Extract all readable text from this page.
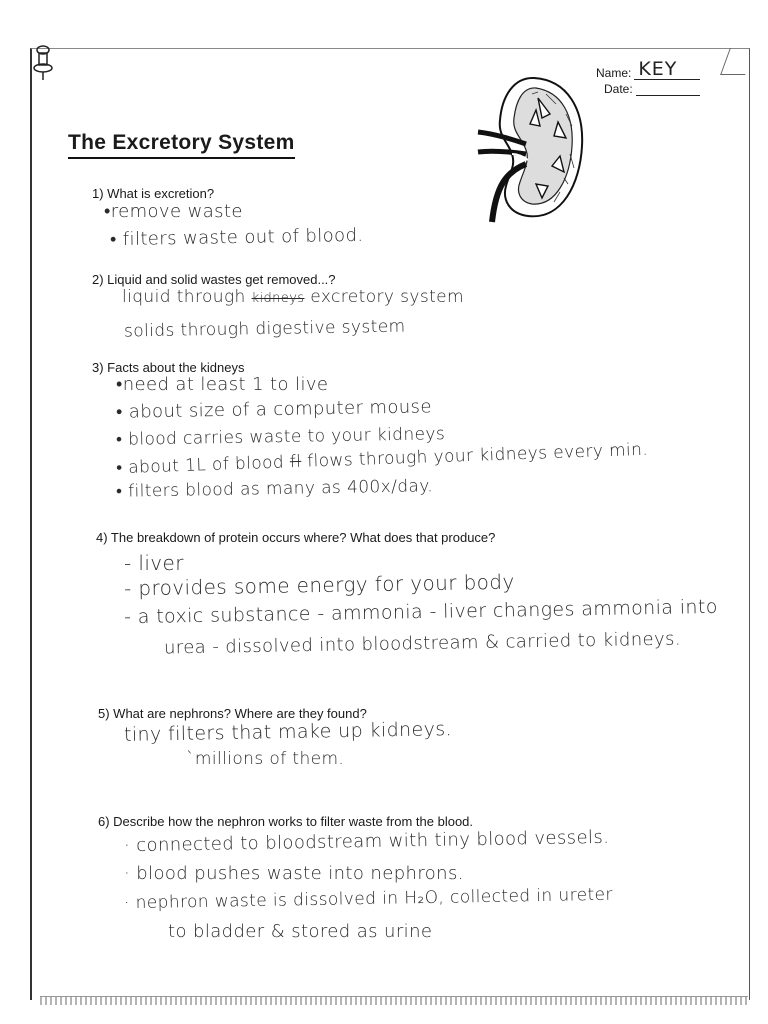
Name: KEY
Date:
The Excretory System
1) What is excretion?
•remove waste
• filters waste out of blood.
2) Liquid and solid wastes get removed...?
liquid through kidneys excretory system
solids through digestive system
3) Facts about the kidneys
•need at least 1 to live
• about size of a computer mouse
• blood carries waste to your kidneys
• about 1L of blood fl flows through your kidneys every min.
• filters blood as many as 400x/day.
4) The breakdown of protein occurs where? What does that produce?
- liver
- provides some energy for your body
- a toxic substance - ammonia - liver changes ammonia into
urea - dissolved into bloodstream & carried to kidneys.
5) What are nephrons? Where are they found?
tiny filters that make up kidneys.
`millions of them.
6) Describe how the nephron works to filter waste from the blood.
· connected to bloodstream with tiny blood vessels.
· blood pushes waste into nephrons.
· nephron waste is dissolved in H₂O, collected in ureter
to bladder & stored as urine
